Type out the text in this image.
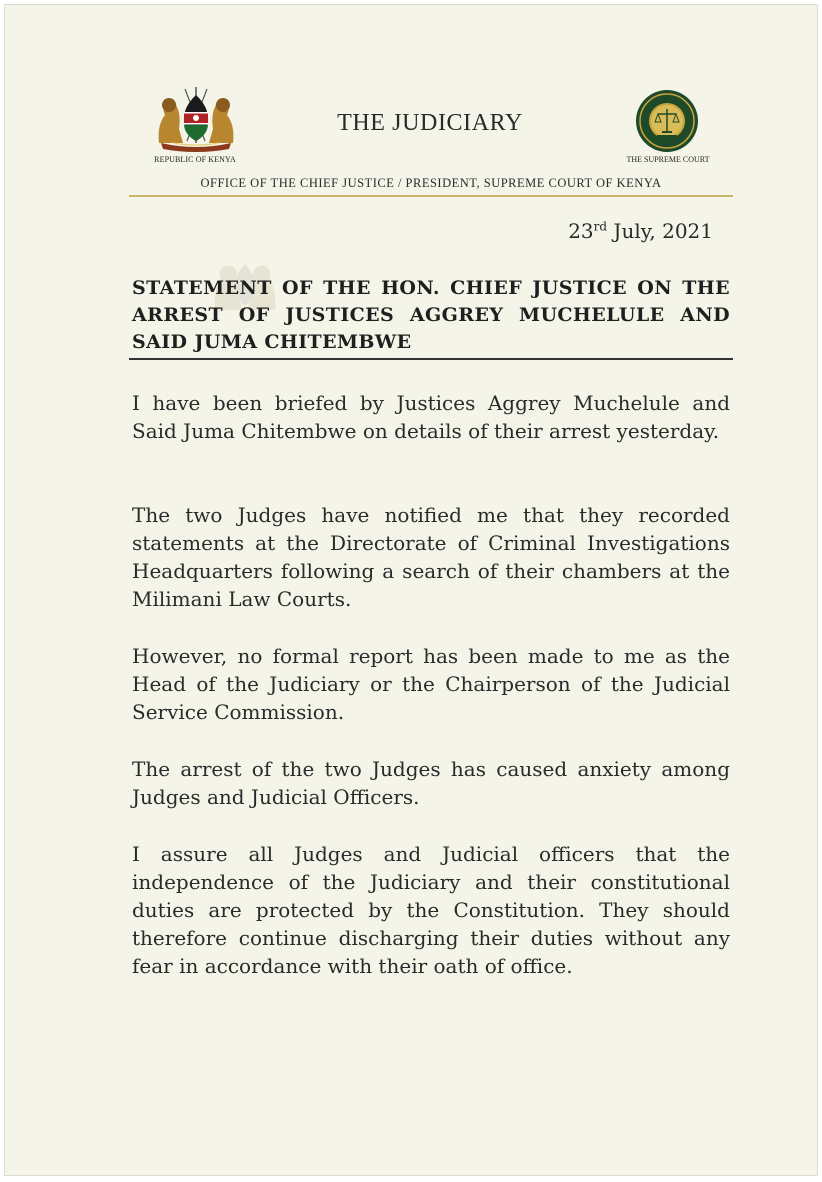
REPUBLIC OF KENYA
THE JUDICIARY
THE SUPREME COURT
OFFICE OF THE CHIEF JUSTICE / PRESIDENT, SUPREME COURT OF KENYA
23rd July, 2021

STATEMENT OF THE HON. CHIEF JUSTICE ON THE ARREST OF JUSTICES AGGREY MUCHELULE AND SAID JUMA CHITEMBWE

I have been briefed by Justices Aggrey Muchelule and Said Juma Chitembwe on details of their arrest yesterday.

The two Judges have notified me that they recorded statements at the Directorate of Criminal Investigations Headquarters following a search of their chambers at the Milimani Law Courts.

However, no formal report has been made to me as the Head of the Judiciary or the Chairperson of the Judicial Service Commission.

The arrest of the two Judges has caused anxiety among Judges and Judicial Officers.

I assure all Judges and Judicial officers that the independence of the Judiciary and their constitutional duties are protected by the Constitution. They should therefore continue discharging their duties without any fear in accordance with their oath of office.
